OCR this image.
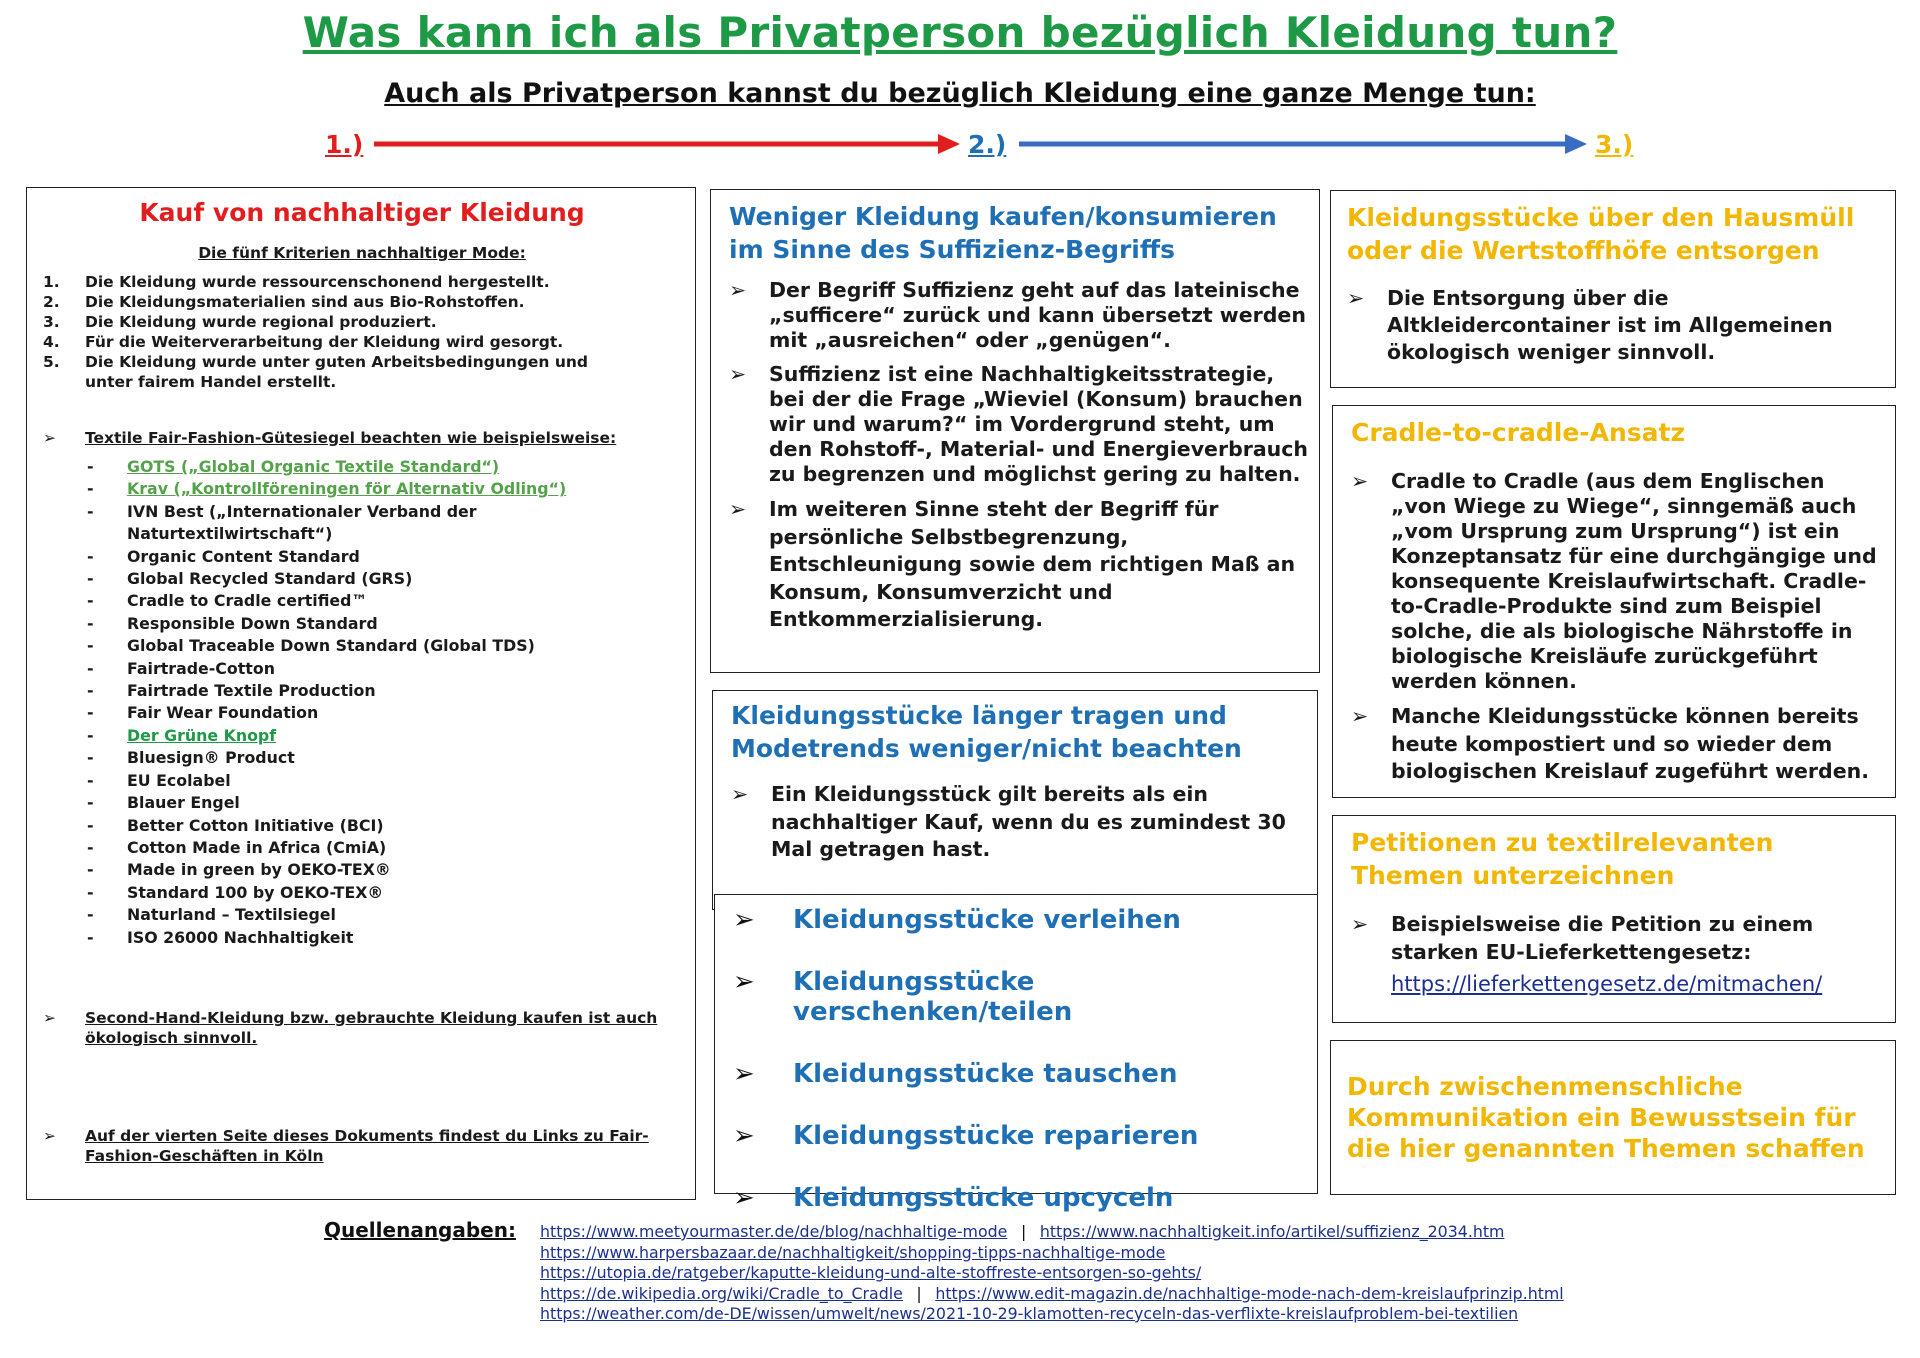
Was kann ich als Privatperson bezüglich Kleidung tun?
Auch als Privatperson kannst du bezüglich Kleidung eine ganze Menge tun:
1.)	2.)	3.)
Kauf von nachhaltiger Kleidung
Die fünf Kriterien nachhaltiger Mode:
1. Die Kleidung wurde ressourcenschonend hergestellt.
2. Die Kleidungsmaterialien sind aus Bio-Rohstoffen.
3. Die Kleidung wurde regional produziert.
4. Für die Weiterverarbeitung der Kleidung wird gesorgt.
5. Die Kleidung wurde unter guten Arbeitsbedingungen und unter fairem Handel erstellt.
➢ Textile Fair-Fashion-Gütesiegel beachten wie beispielsweise:
- GOTS („Global Organic Textile Standard“)
- Krav („Kontrollföreningen för Alternativ Odling“)
- IVN Best („Internationaler Verband der Naturtextilwirtschaft“)
- Organic Content Standard
- Global Recycled Standard (GRS)
- Cradle to Cradle certified™
- Responsible Down Standard
- Global Traceable Down Standard (Global TDS)
- Fairtrade-Cotton
- Fairtrade Textile Production
- Fair Wear Foundation
- Der Grüne Knopf
- Bluesign® Product
- EU Ecolabel
- Blauer Engel
- Better Cotton Initiative (BCI)
- Cotton Made in Africa (CmiA)
- Made in green by OEKO-TEX®
- Standard 100 by OEKO-TEX®
- Naturland – Textilsiegel
- ISO 26000 Nachhaltigkeit
➢ Second-Hand-Kleidung bzw. gebrauchte Kleidung kaufen ist auch ökologisch sinnvoll.
➢ Auf der vierten Seite dieses Dokuments findest du Links zu Fair-Fashion-Geschäften in Köln
Weniger Kleidung kaufen/konsumieren im Sinne des Suffizienz-Begriffs
➢ Der Begriff Suffizienz geht auf das lateinische „sufficere“ zurück und kann übersetzt werden mit „ausreichen“ oder „genügen“.
➢ Suffizienz ist eine Nachhaltigkeitsstrategie, bei der die Frage „Wieviel (Konsum) brauchen wir und warum?“ im Vordergrund steht, um den Rohstoff-, Material- und Energieverbrauch zu begrenzen und möglichst gering zu halten.
➢ Im weiteren Sinne steht der Begriff für persönliche Selbstbegrenzung, Entschleunigung sowie dem richtigen Maß an Konsum, Konsumverzicht und Entkommerzialisierung.
Kleidungsstücke länger tragen und Modetrends weniger/nicht beachten
➢ Ein Kleidungsstück gilt bereits als ein nachhaltiger Kauf, wenn du es zumindest 30 Mal getragen hast.
➢ Kleidungsstücke verleihen
➢ Kleidungsstücke verschenken/teilen
➢ Kleidungsstücke tauschen
➢ Kleidungsstücke reparieren
➢ Kleidungsstücke upcyceln
Kleidungsstücke über den Hausmüll oder die Wertstoffhöfe entsorgen
➢ Die Entsorgung über die Altkleidercontainer ist im Allgemeinen ökologisch weniger sinnvoll.
Cradle-to-cradle-Ansatz
➢ Cradle to Cradle (aus dem Englischen „von Wiege zu Wiege“, sinngemäß auch „vom Ursprung zum Ursprung“) ist ein Konzeptansatz für eine durchgängige und konsequente Kreislaufwirtschaft. Cradle-to-Cradle-Produkte sind zum Beispiel solche, die als biologische Nährstoffe in biologische Kreisläufe zurückgeführt werden können.
➢ Manche Kleidungsstücke können bereits heute kompostiert und so wieder dem biologischen Kreislauf zugeführt werden.
Petitionen zu textilrelevanten Themen unterzeichnen
➢ Beispielsweise die Petition zu einem starken EU-Lieferkettengesetz:
https://lieferkettengesetz.de/mitmachen/
Durch zwischenmenschliche Kommunikation ein Bewusstsein für die hier genannten Themen schaffen
Quellenangaben: https://www.meetyourmaster.de/de/blog/nachhaltige-mode | https://www.nachhaltigkeit.info/artikel/suffizienz_2034.htm
https://www.harpersbazaar.de/nachhaltigkeit/shopping-tipps-nachhaltige-mode
https://utopia.de/ratgeber/kaputte-kleidung-und-alte-stoffreste-entsorgen-so-gehts/
https://de.wikipedia.org/wiki/Cradle_to_Cradle | https://www.edit-magazin.de/nachhaltige-mode-nach-dem-kreislaufprinzip.html
https://weather.com/de-DE/wissen/umwelt/news/2021-10-29-klamotten-recyceln-das-verflixte-kreislaufproblem-bei-textilien
